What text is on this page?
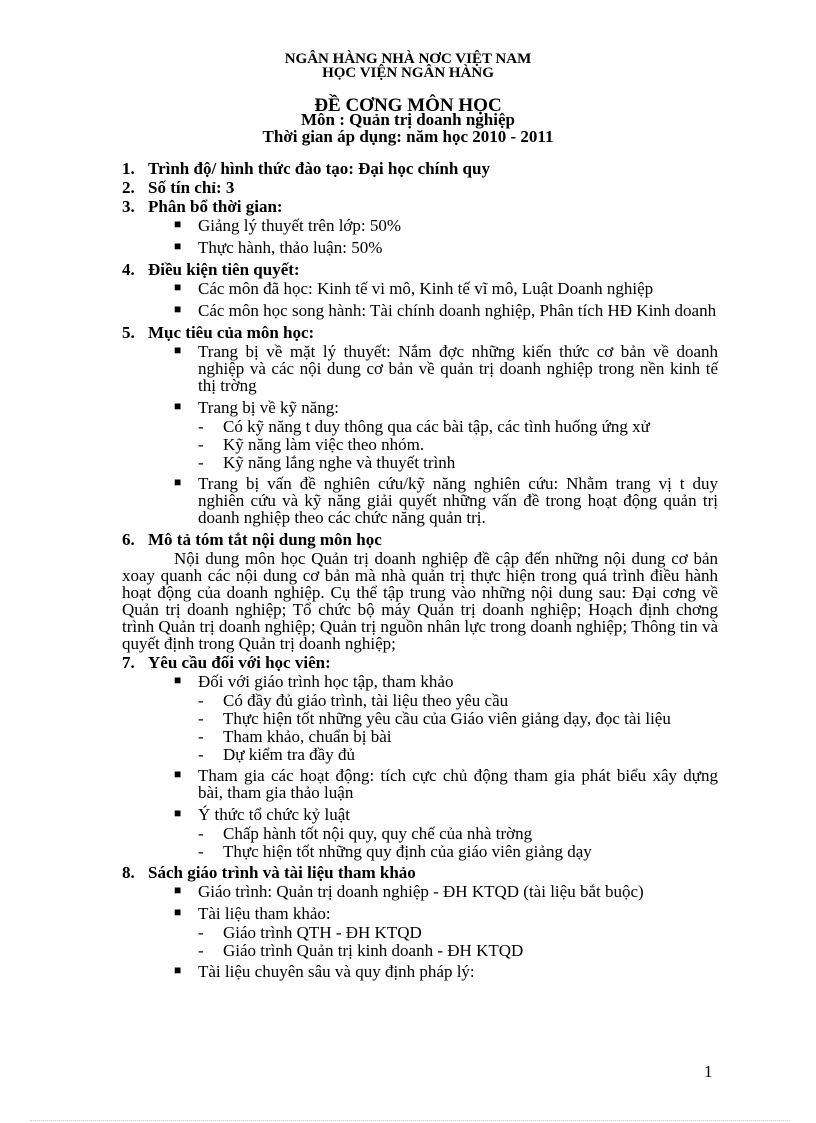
NGÂN HÀNG NHÀ NƠC VIỆT NAM
HỌC VIỆN NGÂN HÀNG
ĐỀ CƠNG MÔN HỌC
Môn : Quản trị doanh nghiệp
Thời gian áp dụng: năm học 2010 - 2011
1. Trình độ/ hình thức đào tạo: Đại học chính quy
2. Số tín chỉ: 3
3. Phân bổ thời gian:
■ Giảng lý thuyết trên lớp: 50%
■ Thực hành, thảo luận: 50%
4. Điều kiện tiên quyết:
■ Các môn đã học: Kinh tế vi mô, Kinh tế vĩ mô, Luật Doanh nghiệp
■ Các môn học song hành: Tài chính doanh nghiệp, Phân tích HĐ Kinh doanh
5. Mục tiêu của môn học:
■ Trang bị về mặt lý thuyết: Nắm đợc những kiến thức cơ bản về doanh nghiệp và các nội dung cơ bản về quản trị doanh nghiệp trong nền kinh tế thị trờng
■ Trang bị về kỹ năng:
- Có kỹ năng t duy thông qua các bài tập, các tình huống ứng xử
- Kỹ năng làm việc theo nhóm.
- Kỹ năng lắng nghe và thuyết trình
■ Trang bị vấn đề nghiên cứu/kỹ năng nghiên cứu: Nhằm trang vị t duy nghiên cứu và kỹ năng giải quyết những vấn đề trong hoạt động quản trị doanh nghiệp theo các chức năng quản trị.
6. Mô tả tóm tắt nội dung môn học
Nội dung môn học Quản trị doanh nghiệp đề cập đến những nội dung cơ bản xoay quanh các nội dung cơ bản mà nhà quản trị thực hiện trong quá trình điều hành hoạt động của doanh nghiệp. Cụ thể tập trung vào những nội dung sau: Đại cơng về Quản trị doanh nghiệp; Tổ chức bộ máy Quản trị doanh nghiệp; Hoạch định chơng trình Quản trị doanh nghiệp; Quản trị nguồn nhân lực trong doanh nghiệp; Thông tin và quyết định trong Quản trị doanh nghiệp;
7. Yêu cầu đối với học viên:
■ Đối với giáo trình học tập, tham khảo
- Có đầy đủ giáo trình, tài liệu theo yêu cầu
- Thực hiện tốt những yêu cầu của Giáo viên giảng dạy, đọc tài liệu
- Tham khảo, chuẩn bị bài
- Dự kiểm tra đầy đủ
■ Tham gia các hoạt động: tích cực chủ động tham gia phát biểu xây dựng bài, tham gia thảo luận
■ Ý thức tổ chức kỷ luật
- Chấp hành tốt nội quy, quy chế của nhà trờng
- Thực hiện tốt những quy định của giáo viên giảng dạy
8. Sách giáo trình và tài liệu tham khảo
■ Giáo trình: Quản trị doanh nghiệp - ĐH KTQD (tài liệu bắt buộc)
■ Tài liệu tham khảo:
- Giáo trình QTH - ĐH KTQD
- Giáo trình Quản trị kinh doanh - ĐH KTQD
■ Tài liệu chuyên sâu và quy định pháp lý:
1
